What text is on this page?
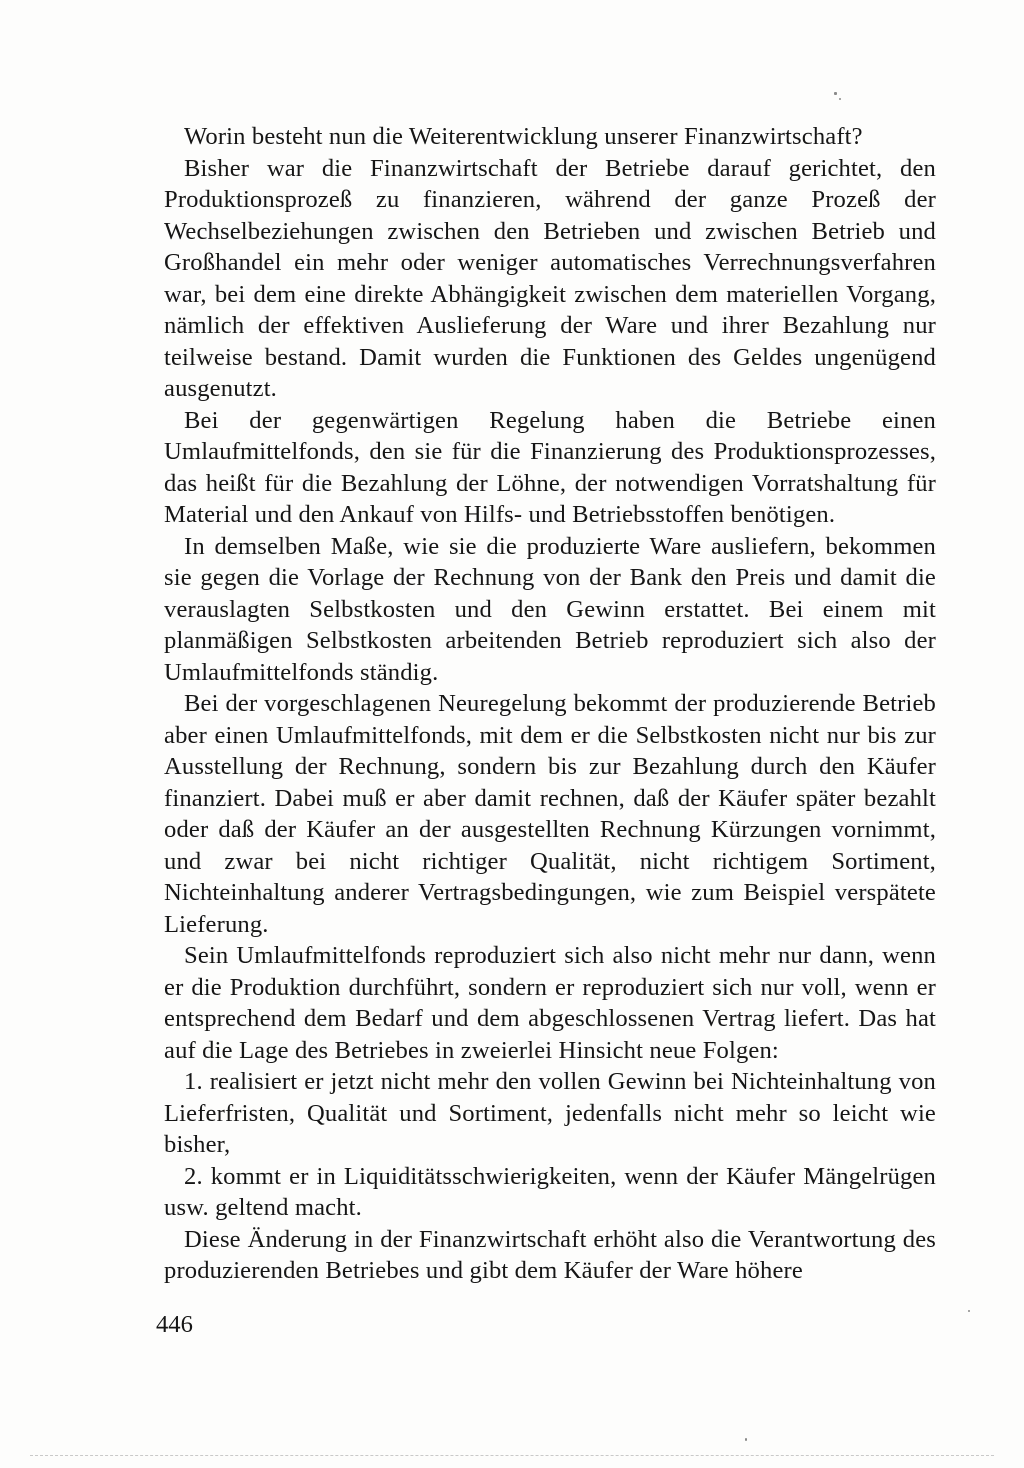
Worin besteht nun die Weiterentwicklung unserer Finanzwirtschaft?

Bisher war die Finanzwirtschaft der Betriebe darauf gerichtet, den Produktionsprozeß zu finanzieren, während der ganze Prozeß der Wechselbeziehungen zwischen den Betrieben und zwischen Betrieb und Großhandel ein mehr oder weniger automatisches Verrechnungsverfahren war, bei dem eine direkte Abhängigkeit zwischen dem materiellen Vorgang, nämlich der effektiven Auslieferung der Ware und ihrer Bezahlung nur teilweise bestand. Damit wurden die Funktionen des Geldes ungenügend ausgenutzt.

Bei der gegenwärtigen Regelung haben die Betriebe einen Umlaufmittelfonds, den sie für die Finanzierung des Produktionsprozesses, das heißt für die Bezahlung der Löhne, der notwendigen Vorratshaltung für Material und den Ankauf von Hilfs- und Betriebsstoffen benötigen.

In demselben Maße, wie sie die produzierte Ware ausliefern, bekommen sie gegen die Vorlage der Rechnung von der Bank den Preis und damit die verauslagten Selbstkosten und den Gewinn erstattet. Bei einem mit planmäßigen Selbstkosten arbeitenden Betrieb reproduziert sich also der Umlaufmittelfonds ständig.

Bei der vorgeschlagenen Neuregelung bekommt der produzierende Betrieb aber einen Umlaufmittelfonds, mit dem er die Selbstkosten nicht nur bis zur Ausstellung der Rechnung, sondern bis zur Bezahlung durch den Käufer finanziert. Dabei muß er aber damit rechnen, daß der Käufer später bezahlt oder daß der Käufer an der ausgestellten Rechnung Kürzungen vornimmt, und zwar bei nicht richtiger Qualität, nicht richtigem Sortiment, Nichteinhaltung anderer Vertragsbedingungen, wie zum Beispiel verspätete Lieferung.

Sein Umlaufmittelfonds reproduziert sich also nicht mehr nur dann, wenn er die Produktion durchführt, sondern er reproduziert sich nur voll, wenn er entsprechend dem Bedarf und dem abgeschlossenen Vertrag liefert. Das hat auf die Lage des Betriebes in zweierlei Hinsicht neue Folgen:

1. realisiert er jetzt nicht mehr den vollen Gewinn bei Nichteinhaltung von Lieferfristen, Qualität und Sortiment, jedenfalls nicht mehr so leicht wie bisher,

2. kommt er in Liquiditätsschwierigkeiten, wenn der Käufer Mängelrügen usw. geltend macht.

Diese Änderung in der Finanzwirtschaft erhöht also die Verantwortung des produzierenden Betriebes und gibt dem Käufer der Ware höhere

446
